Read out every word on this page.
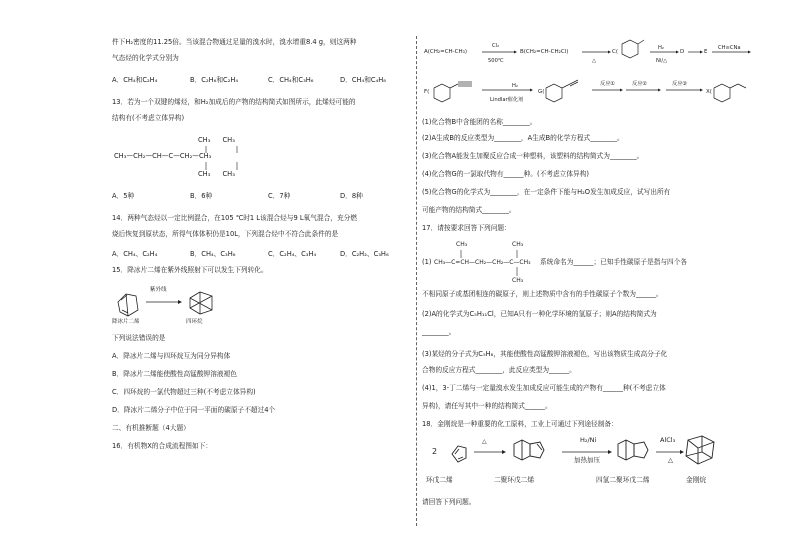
件下H₂密度的11.25倍。当该混合物通过足量的溴水时，溴水增重8.4 g，则这两种
气态烃的化学式分别为
A．CH₄和C₂H₄	B．C₂H₆和C₂H₄	C．CH₄和C₃H₆	D．CH₄和C₄H₈
13．若为一个双键的烯烃，和H₂加成后的产物的结构简式如图所示，此烯烃可能的
结构有(不考虑立体异构)
CH₃ CH₃
CH₃—CH₂—CH—C—CH₂—CH₃
CH₃ CH₃
A．5种	B．6种	C．7种	D．8种
14．两种气态烃以一定比例混合，在105 ℃时1 L该混合烃与9 L氧气混合，充分燃
烧后恢复到原状态，所得气体体积仍是10L，下列混合烃中不符合此条件的是
A．CH₄、C₂H₄	B．CH₄、C₃H₆	C．C₂H₄、C₃H₄	D．C₂H₂、C₃H₆
15．降冰片二烯在紫外线照射下可以发生下列转化。
紫外线
降冰片二烯	四环烷
下列说法错误的是
A．降冰片二烯与四环烷互为同分异构体
B．降冰片二烯能使酸性高锰酸钾溶液褪色
C．四环烷的一氯代物超过三种(不考虑立体异构)
D．降冰片二烯分子中位于同一平面的碳原子不超过4个
二、有机推断题（4大题）
16．有机物X的合成流程图如下：
A(CH₂=CH-CH₃)
Cl₂
500℃
B(CH₂=CH-CH₂Cl)
△
C(
H₂
Ni/△
D	E
CH≡CNa
F(
H₂
Lindlar催化剂
G(
反应①	反应②	反应③
X(
(1)化合物B中含能团的名称________。
(2)A生成B的反应类型为________，A生成B的化学方程式________。
(3)化合物A能发生加聚反应合成一种塑料，该塑料的结构简式为________。
(4)化合物G的一氯取代物有______种。(不考虑立体异构)
(5)化合物G的化学式为________，在一定条件下能与H₂O发生加成反应，试写出所有
可能产物的结构简式________。
17．请按要求回答下列问题：
(1)
CH₃	CH₃
CH₃—C=CH—CH₂—CH₂—C—CH₃
CH₃
系统命名为______；已知手性碳原子是指与四个各
不相同原子或基团相连的碳原子，则上述物质中含有的手性碳原子个数为______。
(2)A的化学式为C₅H₁₁Cl，已知A只有一种化学环境的氢原子；则A的结构简式为
________。
(3)某烃的分子式为C₅H₈，其能使酸性高锰酸钾溶液褪色，写出该物质生成高分子化
合物的反应方程式________，此反应类型为______。
(4)1，3-丁二烯与一定量溴水发生加成反应可能生成的产物有______种(不考虑立体
异构)，请任写其中一种的结构简式______。
18．金刚烷是一种重要的化工原料，工业上可通过下列途径制备：
2
△	H₂/Ni
加热加压
AlCl₃
△
环戊二烯	二聚环戊二烯	四氢二聚环戊二烯	金刚烷
请回答下列问题。
